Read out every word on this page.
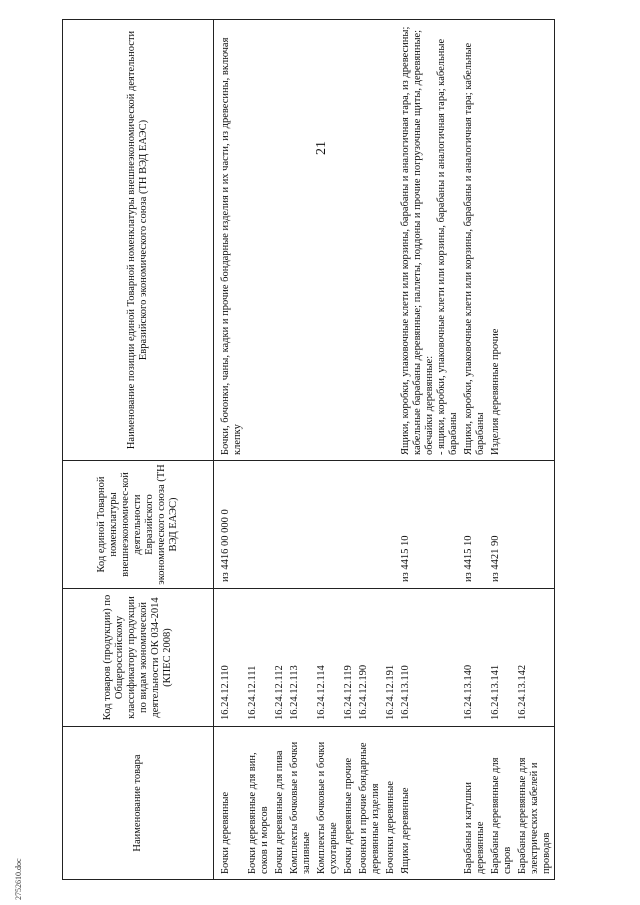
21
2752610.doc
Наименование товара	Код товаров (продукции) по Общероссийскому классификатору продукции по видам экономической деятельности ОК 034-2014 (КПЕС 2008)	Код единой Товарной номенклатуры внешнеэкономичес-кой деятельности Евразийского экономического союза (ТН ВЭД ЕАЭС)	Наименование позиции единой Товарной номенклатуры внешнеэкономической деятельности Евразийского экономического союза (ТН ВЭД ЕАЭС)
Бочки деревянные	16.24.12.110	из 4416 00 000 0	Бочки, бочонки, чаны, кадки и прочие бондарные изделия и их части, из древесины, включая клепку
Бочки деревянные для вин, соков и морсов	16.24.12.111		
Бочки деревянные для пива	16.24.12.112		
Комплекты бочковые и бочки заливные	16.24.12.113		
Комплекты бочковые и бочки сухотарные	16.24.12.114		
Бочки деревянные прочие	16.24.12.119		
Бочонки и прочие бондарные деревянные изделия	16.24.12.190		
Бочонки деревянные	16.24.12.191		
Ящики деревянные	16.24.13.110	из 4415 10	Ящики, коробки, упаковочные клети или корзины, барабаны и аналогичная тара, из древесины; кабельные барабаны деревянные; паллеты, поддоны и прочие погрузочные щиты, деревянные; обечайки деревянные:
- ящики, коробки, упаковочные клети или корзины, барабаны и аналогичная тара; кабельные барабаны
Барабаны и катушки деревянные	16.24.13.140	из 4415 10	Ящики, коробки, упаковочные клети или корзины, барабаны и аналогичная тара; кабельные барабаны
Барабаны деревянные для сыров	16.24.13.141	из 4421 90	Изделия деревянные прочие
Барабаны деревянные для электрических кабелей и проводов	16.24.13.142		
